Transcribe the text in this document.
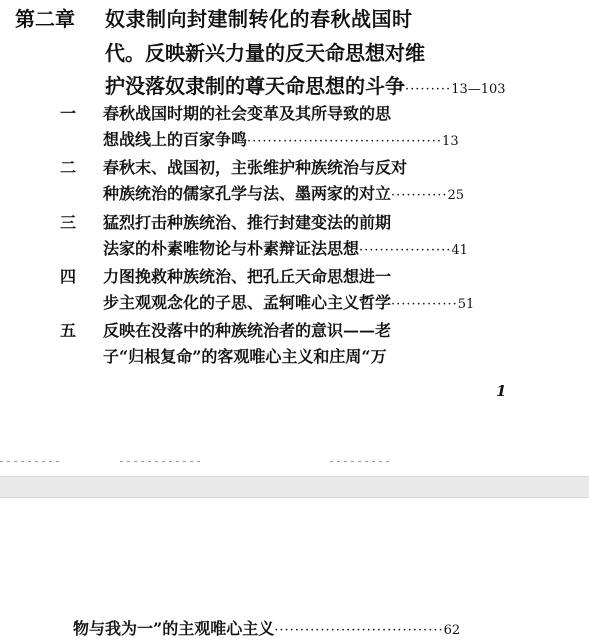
第二章 奴隶制向封建制转化的春秋战国时
代。反映新兴力量的反天命思想对维
护没落奴隶制的尊天命思想的斗争·········13—103
一 春秋战国时期的社会变革及其所导致的思
想战线上的百家争鸣······································13
二 春秋末、战国初，主张维护种族统治与反对
种族统治的儒家孔学与法、墨两家的对立···········25
三 猛烈打击种族统治、推行封建变法的前期
法家的朴素唯物论与朴素辩证法思想··················41
四 力图挽救种族统治、把孔丘天命思想进一
步主观观念化的子思、孟轲唯心主义哲学·············51
五 反映在没落中的种族统治者的意识——老
子“归根复命”的客观唯心主义和庄周“万
1
物与我为一”的主观唯心主义·································62
